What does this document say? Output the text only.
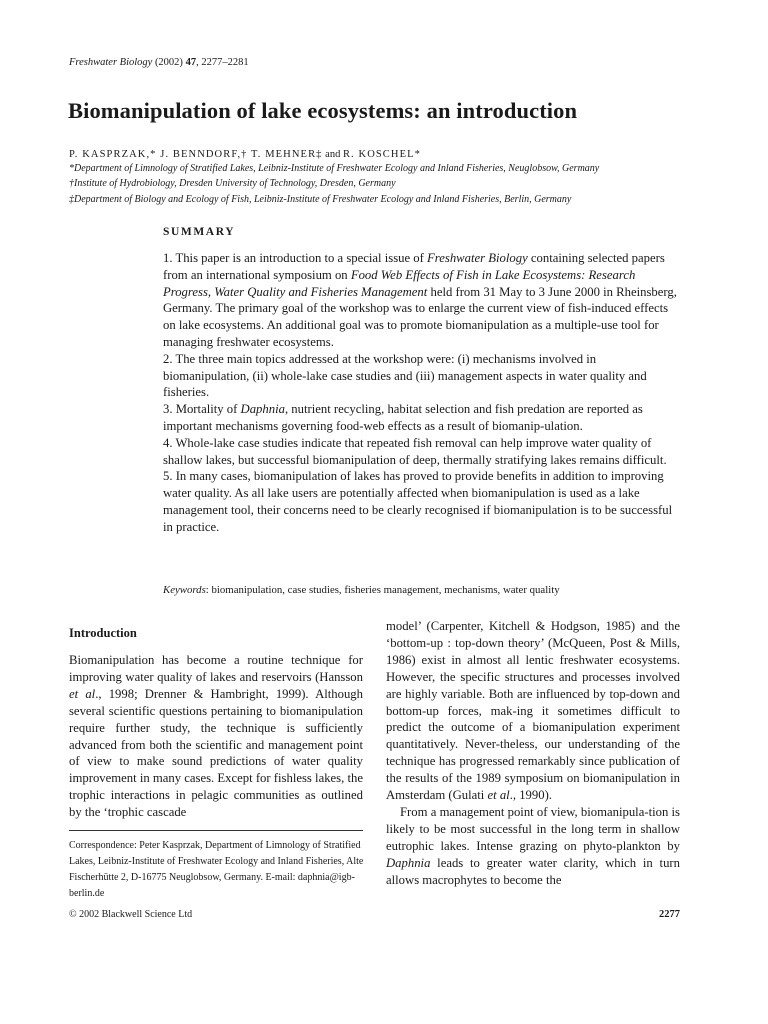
Freshwater Biology (2002) 47, 2277–2281
Biomanipulation of lake ecosystems: an introduction
P. KASPRZAK,* J. BENNDORF,† T. MEHNER‡ and R. KOSCHEL*
*Department of Limnology of Stratified Lakes, Leibniz-Institute of Freshwater Ecology and Inland Fisheries, Neuglobsow, Germany
†Institute of Hydrobiology, Dresden University of Technology, Dresden, Germany
‡Department of Biology and Ecology of Fish, Leibniz-Institute of Freshwater Ecology and Inland Fisheries, Berlin, Germany
SUMMARY

1. This paper is an introduction to a special issue of Freshwater Biology containing selected papers from an international symposium on Food Web Effects of Fish in Lake Ecosystems: Research Progress, Water Quality and Fisheries Management held from 31 May to 3 June 2000 in Rheinsberg, Germany. The primary goal of the workshop was to enlarge the current view of fish-induced effects on lake ecosystems. An additional goal was to promote biomanipulation as a multiple-use tool for managing freshwater ecosystems.

2. The three main topics addressed at the workshop were: (i) mechanisms involved in biomanipulation, (ii) whole-lake case studies and (iii) management aspects in water quality and fisheries.

3. Mortality of Daphnia, nutrient recycling, habitat selection and fish predation are reported as important mechanisms governing food-web effects as a result of biomanip-ulation.

4. Whole-lake case studies indicate that repeated fish removal can help improve water quality of shallow lakes, but successful biomanipulation of deep, thermally stratifying lakes remains difficult.

5. In many cases, biomanipulation of lakes has proved to provide benefits in addition to improving water quality. As all lake users are potentially affected when biomanipulation is used as a lake management tool, their concerns need to be clearly recognised if biomanipulation is to be successful in practice.

Keywords: biomanipulation, case studies, fisheries management, mechanisms, water quality
Introduction

Biomanipulation has become a routine technique for improving water quality of lakes and reservoirs (Hansson et al., 1998; Drenner & Hambright, 1999). Although several scientific questions pertaining to biomanipulation require further study, the technique is sufficiently advanced from both the scientific and management point of view to make sound predictions of water quality improvement in many cases. Except for fishless lakes, the trophic interactions in pelagic communities as outlined by the ‘trophic cascade

Correspondence: Peter Kasprzak, Department of Limnology of Stratified Lakes, Leibniz-Institute of Freshwater Ecology and Inland Fisheries, Alte Fischerhütte 2, D-16775 Neuglobsow, Germany. E-mail: daphnia@igb-berlin.de

model’ (Carpenter, Kitchell & Hodgson, 1985) and the ‘bottom-up : top-down theory’ (McQueen, Post & Mills, 1986) exist in almost all lentic freshwater ecosystems. However, the specific structures and processes involved are highly variable. Both are influenced by top-down and bottom-up forces, mak-ing it sometimes difficult to predict the outcome of a biomanipulation experiment quantitatively. Never-theless, our understanding of the technique has progressed remarkably since publication of the results of the 1989 symposium on biomanipulation in Amsterdam (Gulati et al., 1990).

From a management point of view, biomanipula-tion is likely to be most successful in the long term in shallow eutrophic lakes. Intense grazing on phyto-plankton by Daphnia leads to greater water clarity, which in turn allows macrophytes to become the

© 2002 Blackwell Science Ltd	2277
